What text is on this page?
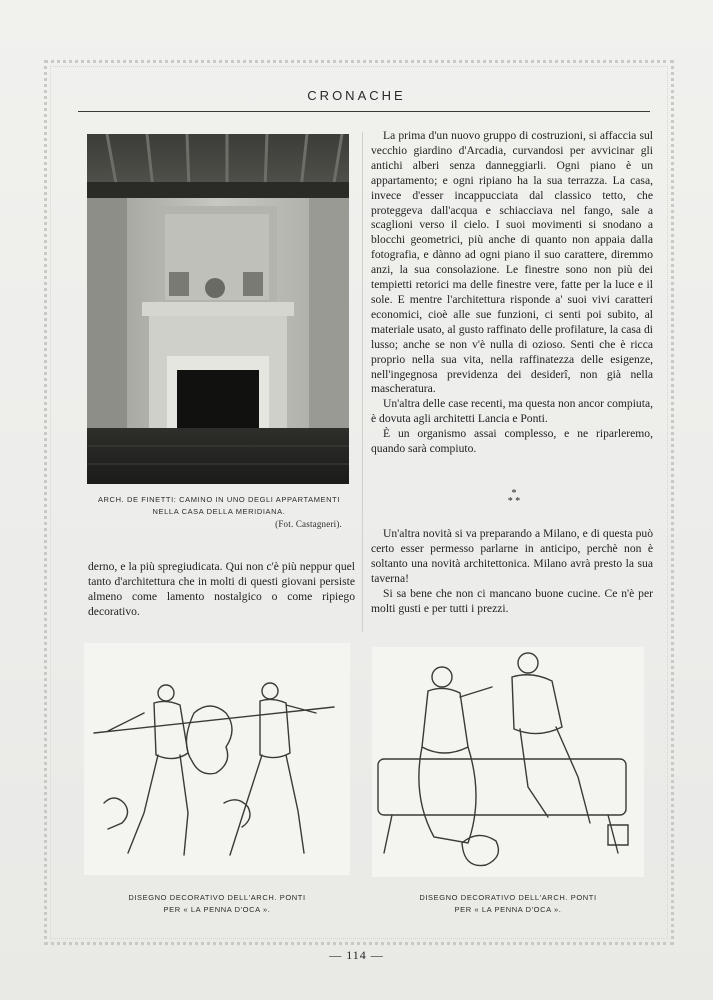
CRONACHE
ARCH. DE FINETTI: CAMINO IN UNO DEGLI APPARTAMENTI
NELLA CASA DELLA MERIDIANA.
(Fot. Castagneri).

derno, e la più spregiudicata. Qui non c'è più neppur quel tanto d'architettura che in molti di questi giovani persiste almeno come lamento nostalgico o come ripiego decorativo.

La prima d'un nuovo gruppo di costruzioni, si affaccia sul vecchio giardino d'Arcadia, curvandosi per avvicinar gli antichi alberi senza danneggiarli. Ogni piano è un appartamento; e ogni ripiano ha la sua terrazza. La casa, invece d'esser incappucciata dal classico tetto, che proteggeva dall'acqua e schiacciava nel fango, sale a scaglioni verso il cielo. I suoi movimenti si snodano a blocchi geometrici, più anche di quanto non appaia dalla fotografia, e dànno ad ogni piano il suo carattere, diremmo anzi, la sua consolazione. Le finestre sono non più dei tempietti retorici ma delle finestre vere, fatte per la luce e il sole. E mentre l'architettura risponde a' suoi vivi caratteri economici, cioè alle sue funzioni, ci senti poi subito, al materiale usato, al gusto raffinato delle profilature, la casa di lusso; anche se non v'è nulla di ozioso. Senti che è ricca proprio nella sua vita, nella raffinatezza delle esigenze, nell'ingegnosa previdenza dei desiderî, non già nella mascheratura.

Un'altra delle case recenti, ma questa non ancor compiuta, è dovuta agli architetti Lancia e Ponti.

È un organismo assai complesso, e ne riparleremo, quando sarà compiuto.

*
* *

Un'altra novità si va preparando a Milano, e di questa può certo esser permesso parlarne in anticipo, perchè non è soltanto una novità architettonica. Milano avrà presto la sua taverna!

Si sa bene che non ci mancano buone cucine. Ce n'è per molti gusti e per tutti i prezzi.

DISEGNO DECORATIVO DELL'ARCH. PONTI
PER « LA PENNA D'OCA ».
DISEGNO DECORATIVO DELL'ARCH. PONTI
PER « LA PENNA D'OCA ».
— 114 —
